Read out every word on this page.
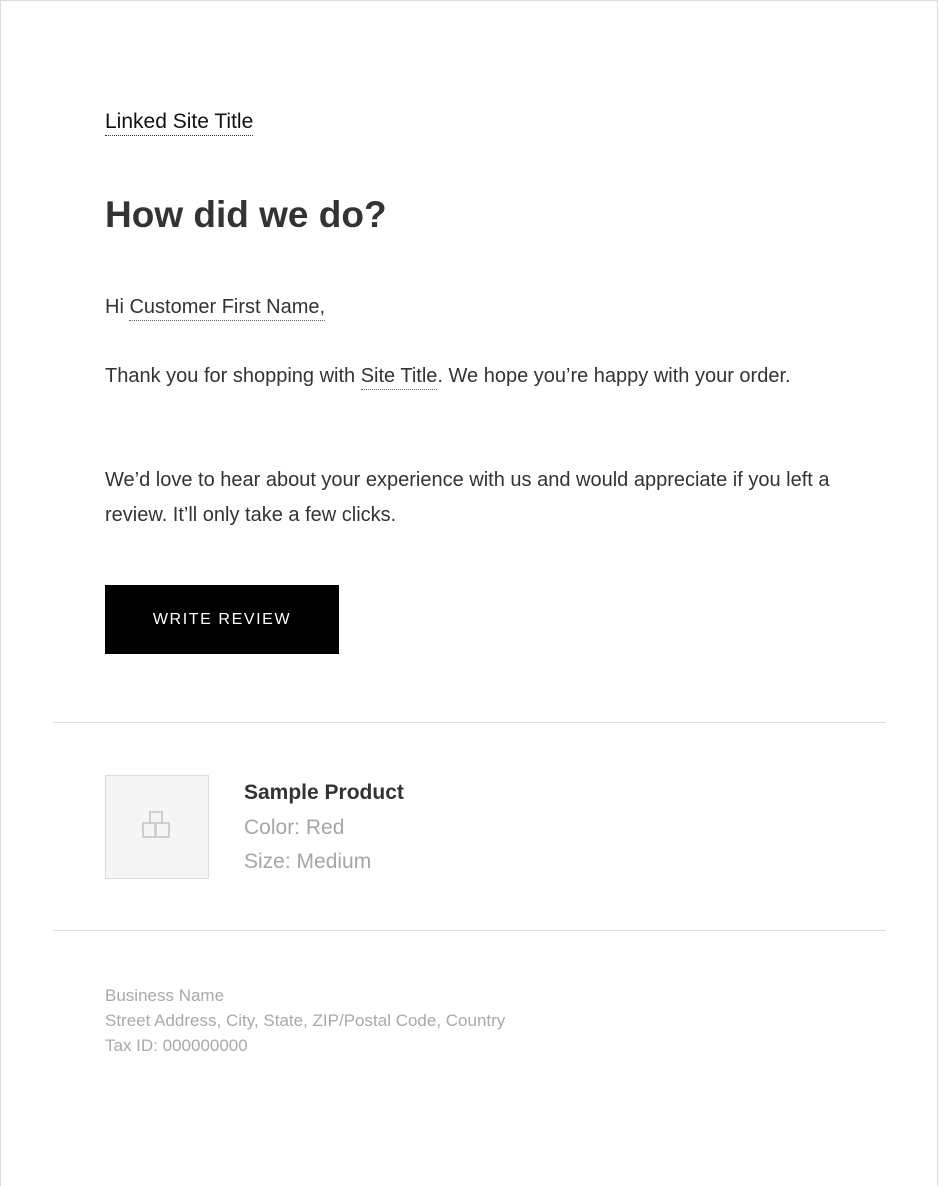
Linked Site Title
How did we do?

Hi Customer First Name,

Thank you for shopping with Site Title. We hope you’re happy with your order.

We’d love to hear about your experience with us and would appreciate if you left a review. It’ll only take a few clicks.

WRITE REVIEW
Sample Product
Color: Red
Size: Medium
Business Name
Street Address, City, State, ZIP/Postal Code, Country
Tax ID: 000000000
